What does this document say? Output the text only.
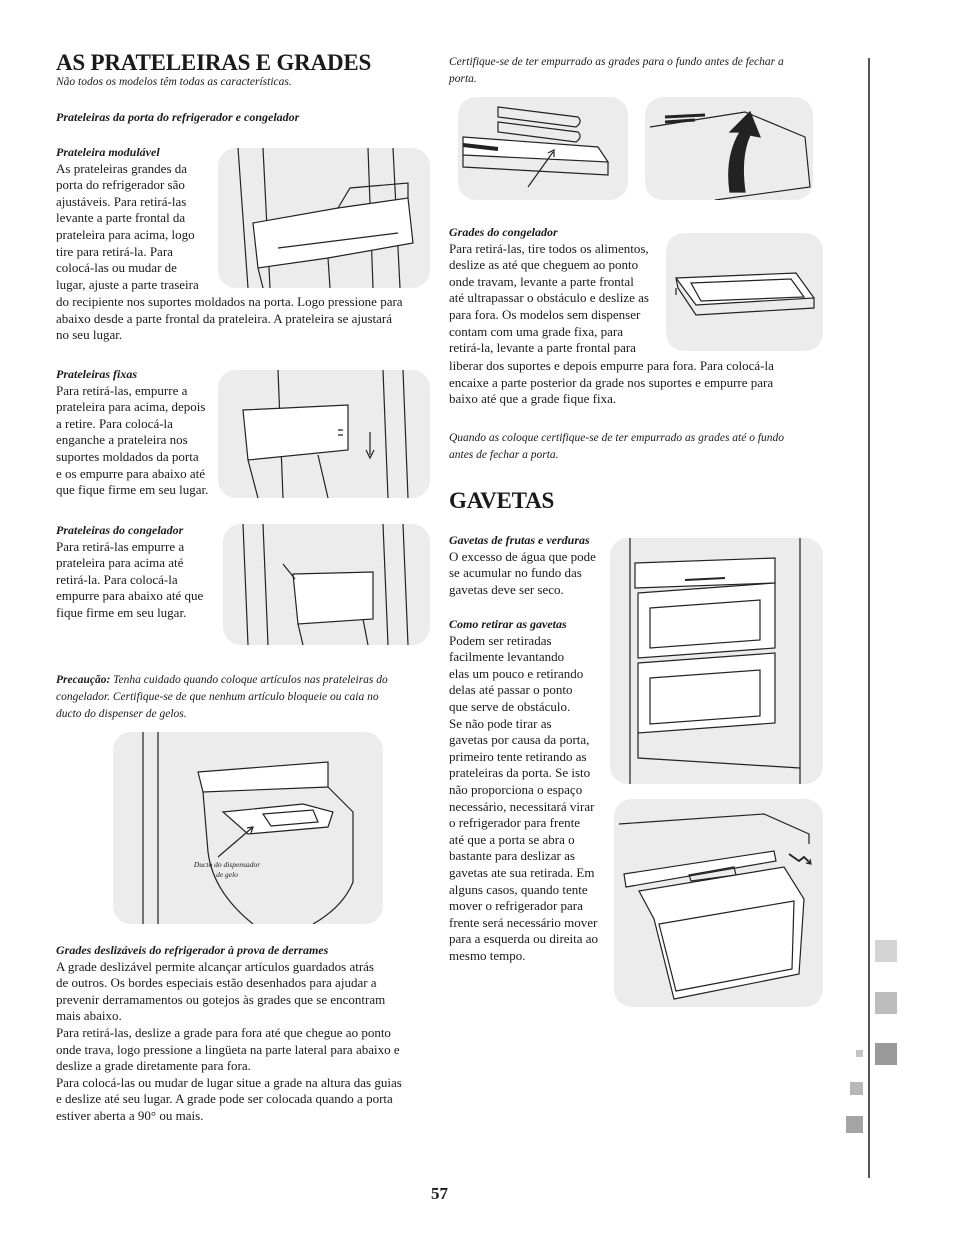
AS PRATELEIRAS E GRADES

Não todos os modelos têm todas as características.

Prateleiras da porta do refrigerador e congelador

Prateleira modulável

As prateleiras grandes da

porta do refrigerador são

ajustáveis. Para retirá-las

levante a parte frontal da

prateleira para acima, logo

tire para retirá-la. Para

colocá-las ou mudar de

lugar, ajuste a parte traseira

do recipiente nos suportes moldados na porta. Logo pressione para

abaixo desde a parte frontal da prateleira. A prateleira se ajustará

no seu lugar.

Prateleiras fixas

Para retirá-las, empurre a

prateleira para acima, depois

a retire. Para colocá-la

enganche a prateleira nos

suportes moldados da porta

e os empurre para abaixo até

que fique firme em seu lugar.

Prateleiras do congelador

Para retirá-las empurre a

prateleira para acima até

retirá-la. Para colocá-la

empurre para abaixo até que

fique firme em seu lugar.

Precaução: Tenha cuidado quando coloque artículos nas prateleiras do

congelador. Certifique-se de que nenhum artículo bloqueie ou caia no

ducto do dispenser de gelos.

Ducto do dispensador

de gelo

Grades deslizáveis do refrigerador à prova de derrames

A grade deslizável permite alcançar artículos guardados atrás

de outros. Os bordes especiais estão desenhados para ajudar a

prevenir derramamentos ou gotejos às grades que se encontram

mais abaixo.

Para retirá-las, deslize a grade para fora até que chegue ao ponto

onde trava, logo pressione a lingüeta na parte lateral para abaixo e

deslize a grade diretamente para fora.

Para colocá-las ou mudar de lugar situe a grade na altura das guias

e deslize até seu lugar. A grade pode ser colocada quando a porta

estiver aberta a 90° ou mais.

Certifique-se de ter empurrado as grades para o fundo antes de fechar a

porta.

Grades do congelador

Para retirá-las, tire todos os alimentos,

deslize as até que cheguem ao ponto

onde travam, levante a parte frontal

até ultrapassar o obstáculo e deslize as

para fora. Os modelos sem dispenser

contam com uma grade fixa, para

retirá-la, levante a parte frontal para

liberar dos suportes e depois empurre para fora. Para colocá-la

encaixe a parte posterior da grade nos suportes e empurre para

baixo até que a grade fique fixa.

Quando as coloque certifique-se de ter empurrado as grades até o fundo

antes de fechar a porta.

GAVETAS

Gavetas de frutas e verduras

O excesso de água que pode

se acumular no fundo das

gavetas deve ser seco.

Como retirar as gavetas

Podem ser retiradas

facilmente levantando

elas um pouco e retirando

delas até passar o ponto

que serve de obstáculo.

Se não pode tirar as

gavetas por causa da porta,

primeiro tente retirando as

prateleiras da porta. Se isto

não proporciona o espaço

necessário, necessitará virar

o refrigerador para frente

até que a porta se abra o

bastante para deslizar as

gavetas ate sua retirada. Em

alguns casos, quando tente

mover o refrigerador para

frente será necessário mover

para a esquerda ou direita ao

mesmo tempo.

57
